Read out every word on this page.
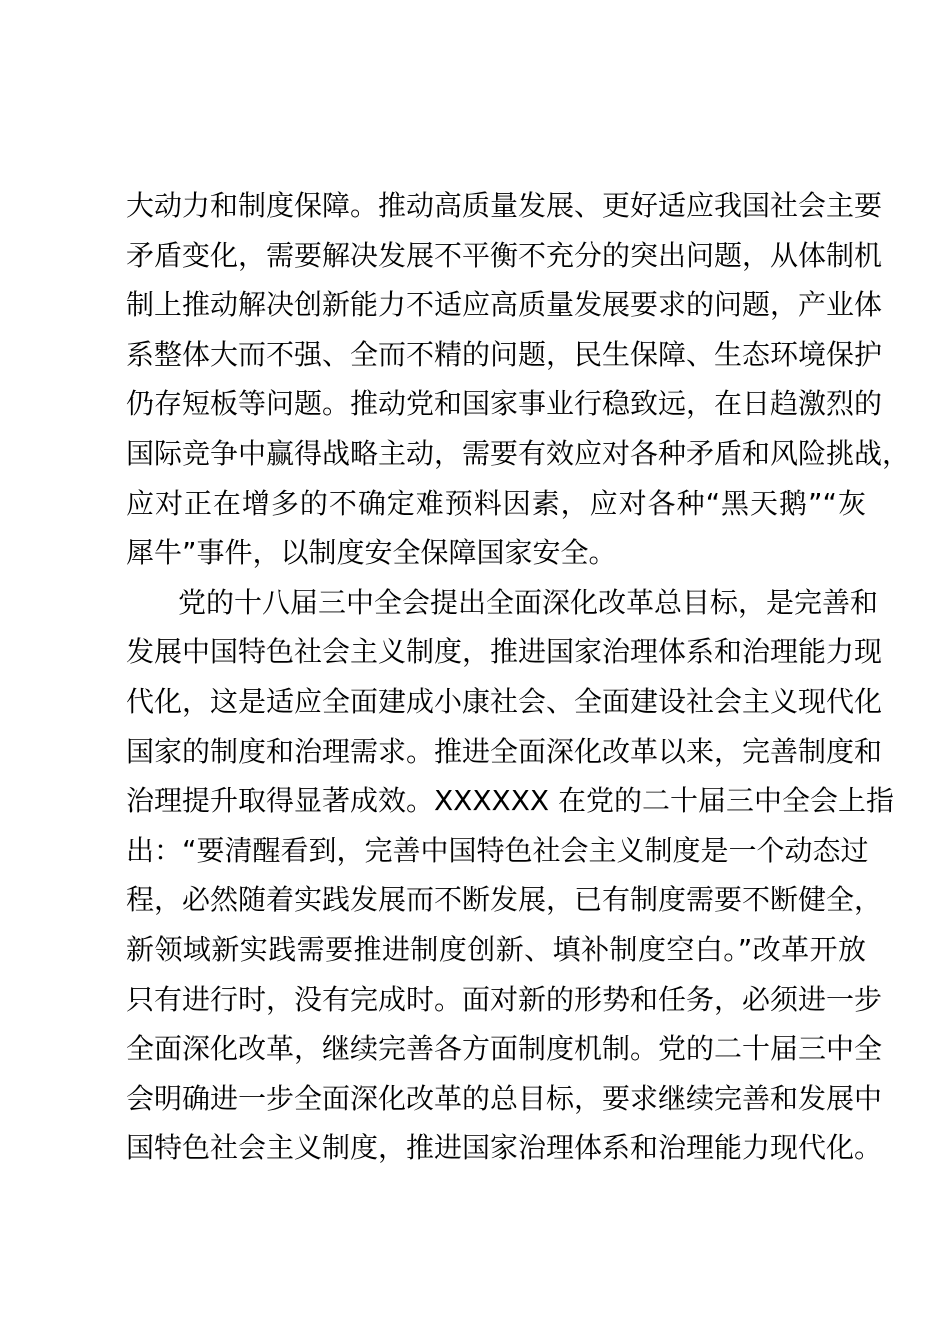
大动力和制度保障。推动高质量发展、更好适应我国社会主要
矛盾变化，需要解决发展不平衡不充分的突出问题，从体制机
制上推动解决创新能力不适应高质量发展要求的问题，产业体
系整体大而不强、全而不精的问题，民生保障、生态环境保护
仍存短板等问题。推动党和国家事业行稳致远，在日趋激烈的
国际竞争中赢得战略主动，需要有效应对各种矛盾和风险挑战，
应对正在增多的不确定难预料因素，应对各种“黑天鹅”“灰
犀牛”事件，以制度安全保障国家安全。
党的十八届三中全会提出全面深化改革总目标，是完善和
发展中国特色社会主义制度，推进国家治理体系和治理能力现
代化，这是适应全面建成小康社会、全面建设社会主义现代化
国家的制度和治理需求。推进全面深化改革以来，完善制度和
治理提升取得显著成效。XXXXXX 在党的二十届三中全会上指
出：“要清醒看到，完善中国特色社会主义制度是一个动态过
程，必然随着实践发展而不断发展，已有制度需要不断健全，
新领域新实践需要推进制度创新、填补制度空白。”改革开放
只有进行时，没有完成时。面对新的形势和任务，必须进一步
全面深化改革，继续完善各方面制度机制。党的二十届三中全
会明确进一步全面深化改革的总目标，要求继续完善和发展中
国特色社会主义制度，推进国家治理体系和治理能力现代化。
